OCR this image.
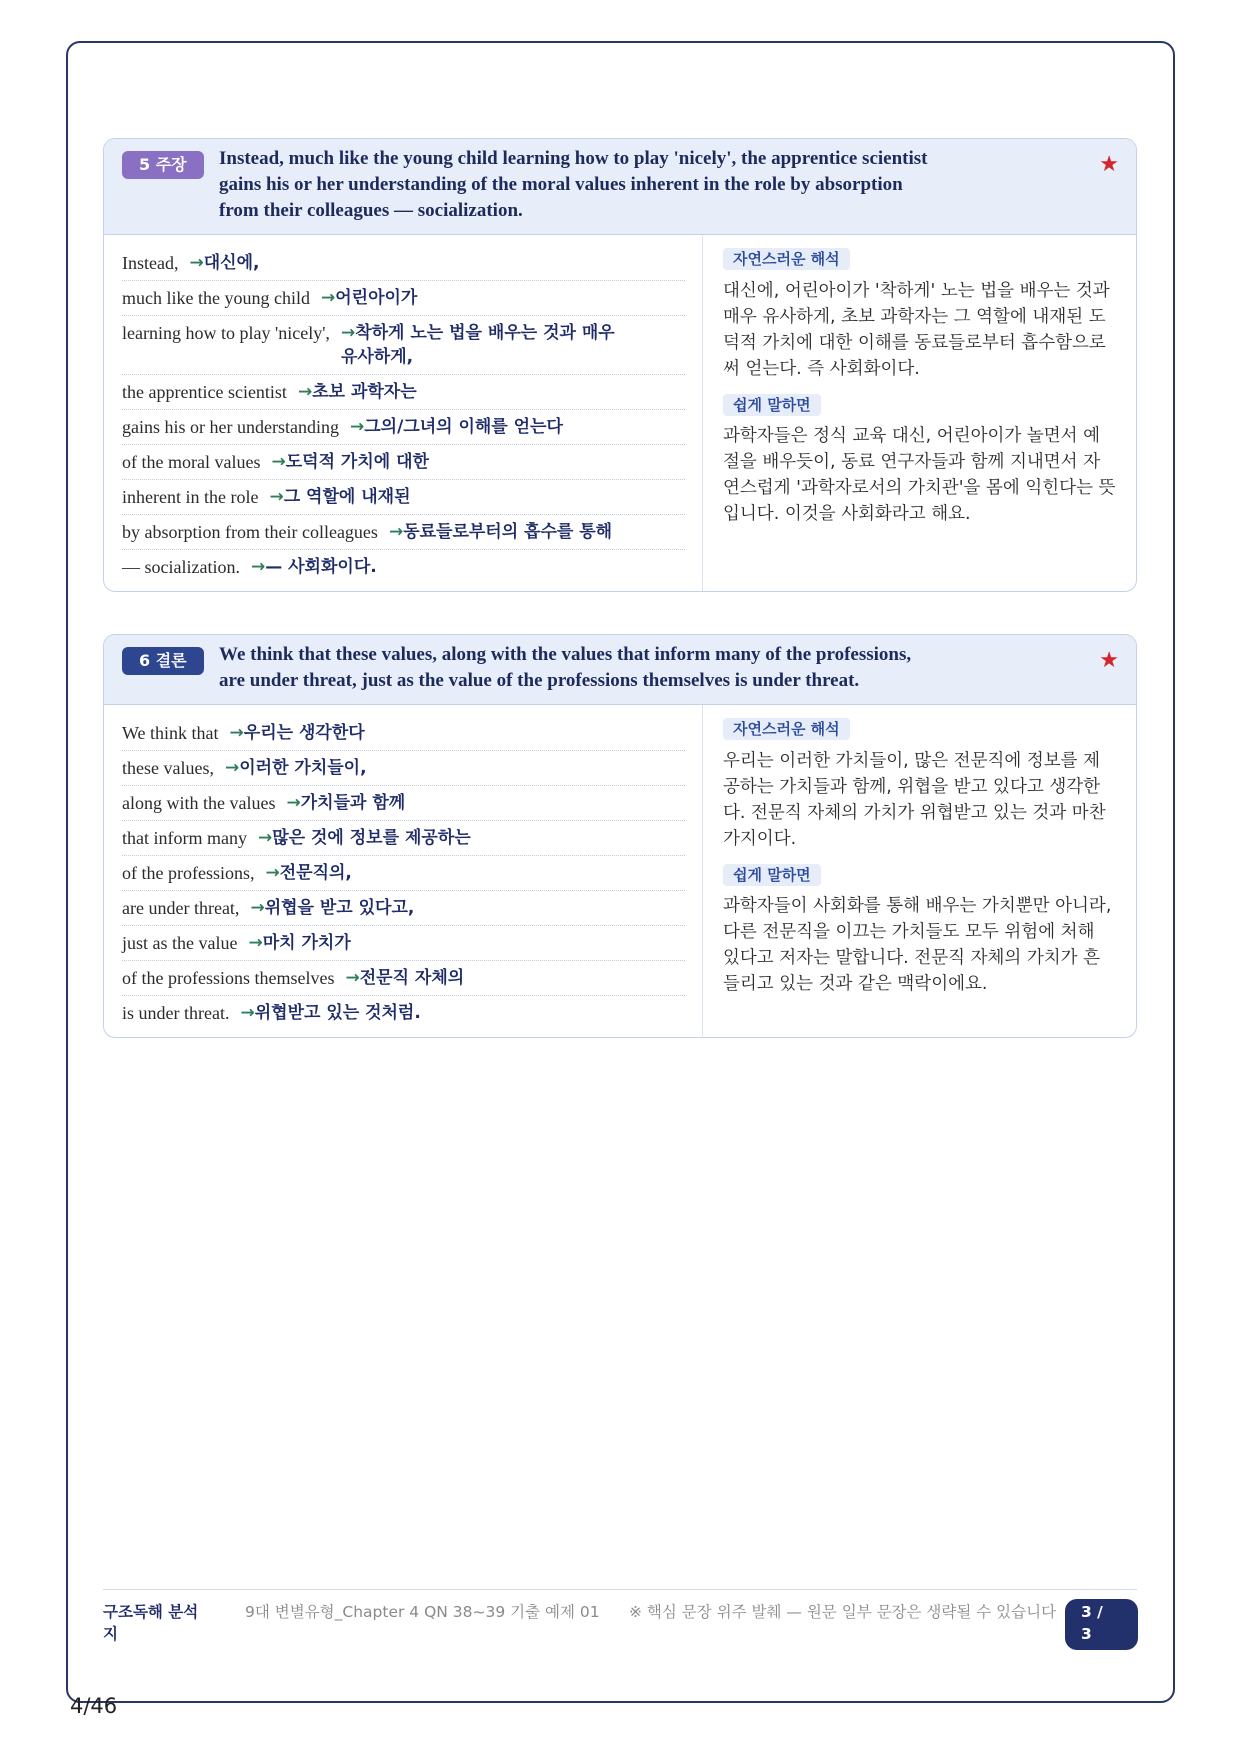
5 주장	Instead, much like the young child learning how to play 'nicely', the apprentice scientist
gains his or her understanding of the moral values inherent in the role by absorption
from their colleagues — socialization.
★
Instead, →대신에,
much like the young child →어린아이가
learning how to play 'nicely', →착하게 노는 법을 배우는 것과 매우 유사하게,
the apprentice scientist →초보 과학자는
gains his or her understanding →그의/그녀의 이해를 얻는다
of the moral values →도덕적 가치에 대한
inherent in the role →그 역할에 내재된
by absorption from their colleagues →동료들로부터의 흡수를 통해
— socialization. →— 사회화이다.
자연스러운 해석

대신에, 어린아이가 '착하게' 노는 법을 배우는 것과 매우 유사하게, 초보 과학자는 그 역할에 내재된 도덕적 가치에 대한 이해를 동료들로부터 흡수함으로써 얻는다. 즉 사회화이다.

쉽게 말하면

과학자들은 정식 교육 대신, 어린아이가 놀면서 예절을 배우듯이, 동료 연구자들과 함께 지내면서 자연스럽게 '과학자로서의 가치관'을 몸에 익힌다는 뜻입니다. 이것을 사회화라고 해요.

6 결론	We think that these values, along with the values that inform many of the professions,
are under threat, just as the value of the professions themselves is under threat.
★
We think that →우리는 생각한다
these values, →이러한 가치들이,
along with the values →가치들과 함께
that inform many →많은 것에 정보를 제공하는
of the professions, →전문직의,
are under threat, →위협을 받고 있다고,
just as the value →마치 가치가
of the professions themselves →전문직 자체의
is under threat. →위협받고 있는 것처럼.
자연스러운 해석

우리는 이러한 가치들이, 많은 전문직에 정보를 제공하는 가치들과 함께, 위협을 받고 있다고 생각한다. 전문직 자체의 가치가 위협받고 있는 것과 마찬가지이다.

쉽게 말하면

과학자들이 사회화를 통해 배우는 가치뿐만 아니라, 다른 전문직을 이끄는 가치들도 모두 위험에 처해 있다고 저자는 말합니다. 전문직 자체의 가치가 흔들리고 있는 것과 같은 맥락이에요.

구조독해 분석지
9대 변별유형_Chapter 4 QN 38~39 기출 예제 01	※ 핵심 문장 위주 발췌 — 원문 일부 문장은 생략될 수 있습니다	3 / 3
4/46
